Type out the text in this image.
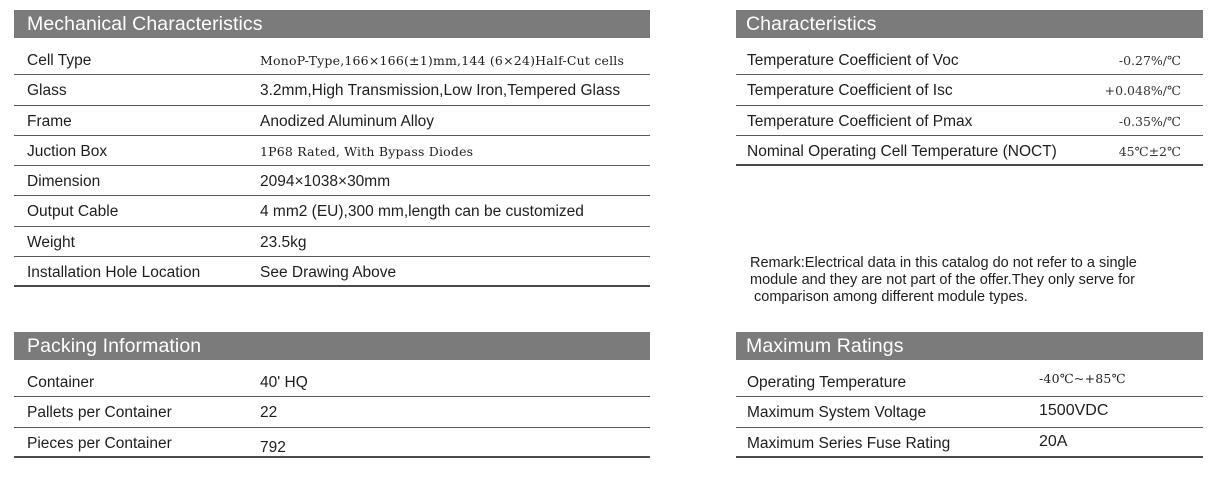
Mechanical Characteristics
Cell Type	MonoP-Type,166×166(±1)mm,144 (6×24)Half-Cut cells
Glass	3.2mm,High Transmission,Low Iron,Tempered Glass
Frame	Anodized Aluminum Alloy
Juction Box	1P68 Rated, With Bypass Diodes
Dimension	2094×1038×30mm
Output Cable	4 mm2 (EU),300 mm,length can be customized
Weight	23.5kg
Installation Hole Location	See Drawing Above
Packing Information
Container	40' HQ
Pallets per Container	22
Pieces per Container	792
Characteristics
Temperature Coefficient of Voc	-0.27%/℃
Temperature Coefficient of Isc	+0.048%/℃
Temperature Coefficient of Pmax	-0.35%/℃
Nominal Operating Cell Temperature (NOCT)	45℃±2℃
Remark:Electrical data in this catalog do not refer to a single
module and they are not part of the offer.They only serve for
comparison among different module types.
Maximum Ratings
Operating Temperature	-40℃~+85℃
Maximum System Voltage	1500VDC
Maximum Series Fuse Rating	20A
